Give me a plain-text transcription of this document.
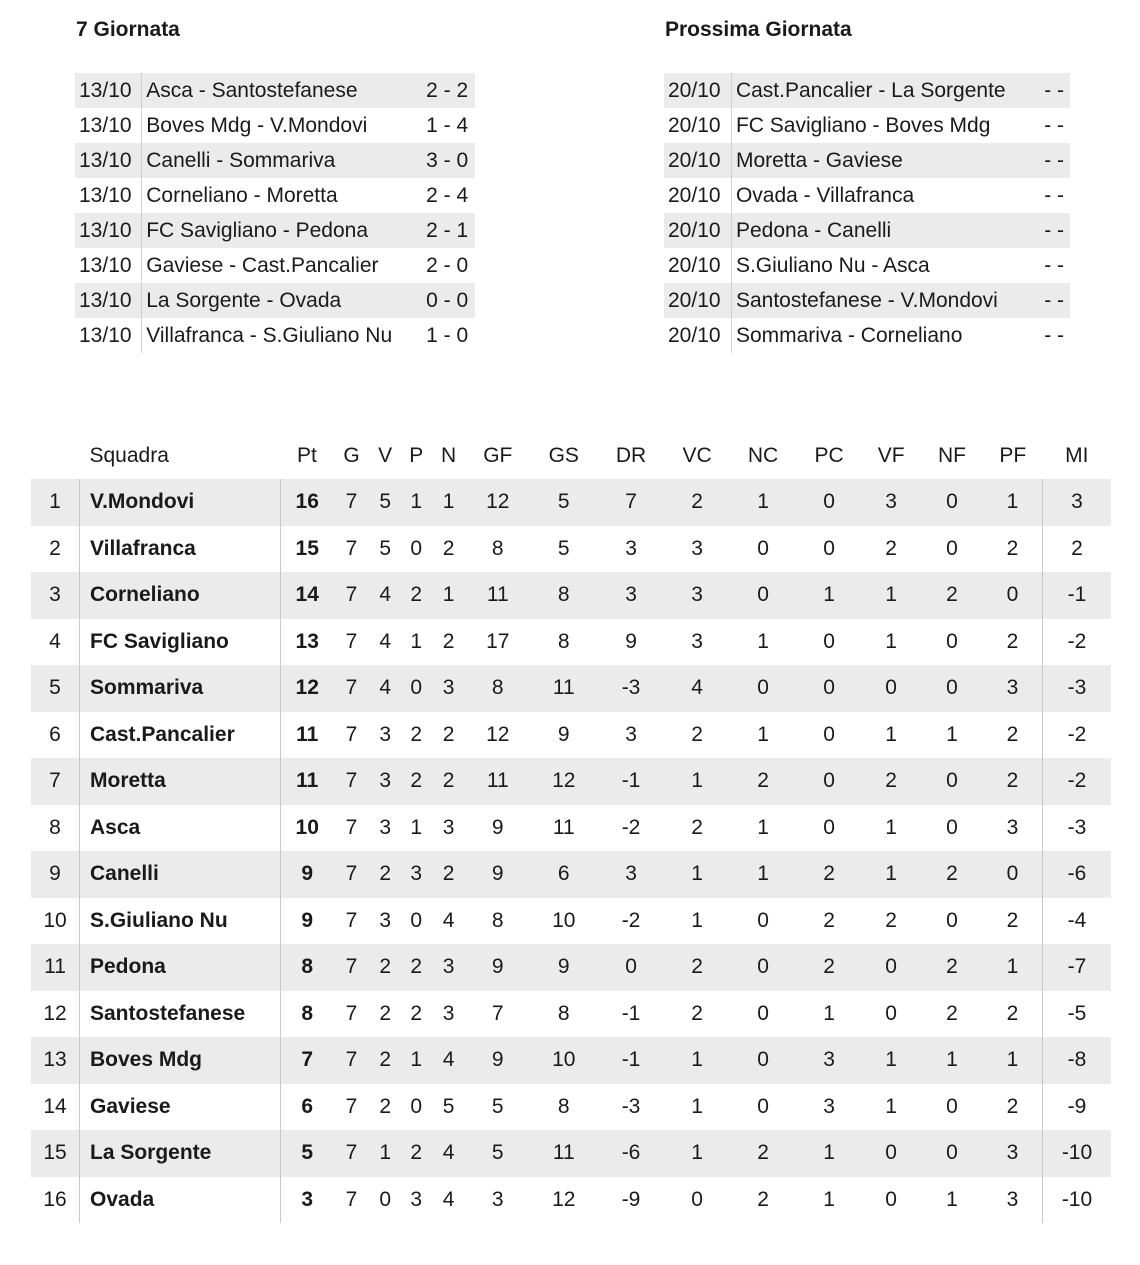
7 Giornata	Prossima Giornata
13/10	Asca - Santostefanese	2 - 2
13/10	Boves Mdg - V.Mondovi	1 - 4
13/10	Canelli - Sommariva	3 - 0
13/10	Corneliano - Moretta	2 - 4
13/10	FC Savigliano - Pedona	2 - 1
13/10	Gaviese - Cast.Pancalier	2 - 0
13/10	La Sorgente - Ovada	0 - 0
13/10	Villafranca - S.Giuliano Nu	1 - 0
20/10	Cast.Pancalier - La Sorgente	- -
20/10	FC Savigliano - Boves Mdg	- -
20/10	Moretta - Gaviese	- -
20/10	Ovada - Villafranca	- -
20/10	Pedona - Canelli	- -
20/10	S.Giuliano Nu - Asca	- -
20/10	Santostefanese - V.Mondovi	- -
20/10	Sommariva - Corneliano	- -
	Squadra	Pt	G	V	P	N	GF	GS	DR	VC	NC	PC	VF	NF	PF	MI
1	V.Mondovi	16	7	5	1	1	12	5	7	2	1	0	3	0	1	3
2	Villafranca	15	7	5	0	2	8	5	3	3	0	0	2	0	2	2
3	Corneliano	14	7	4	2	1	11	8	3	3	0	1	1	2	0	-1
4	FC Savigliano	13	7	4	1	2	17	8	9	3	1	0	1	0	2	-2
5	Sommariva	12	7	4	0	3	8	11	-3	4	0	0	0	0	3	-3
6	Cast.Pancalier	11	7	3	2	2	12	9	3	2	1	0	1	1	2	-2
7	Moretta	11	7	3	2	2	11	12	-1	1	2	0	2	0	2	-2
8	Asca	10	7	3	1	3	9	11	-2	2	1	0	1	0	3	-3
9	Canelli	9	7	2	3	2	9	6	3	1	1	2	1	2	0	-6
10	S.Giuliano Nu	9	7	3	0	4	8	10	-2	1	0	2	2	0	2	-4
11	Pedona	8	7	2	2	3	9	9	0	2	0	2	0	2	1	-7
12	Santostefanese	8	7	2	2	3	7	8	-1	2	0	1	0	2	2	-5
13	Boves Mdg	7	7	2	1	4	9	10	-1	1	0	3	1	1	1	-8
14	Gaviese	6	7	2	0	5	5	8	-3	1	0	3	1	0	2	-9
15	La Sorgente	5	7	1	2	4	5	11	-6	1	2	1	0	0	3	-10
16	Ovada	3	7	0	3	4	3	12	-9	0	2	1	0	1	3	-10
